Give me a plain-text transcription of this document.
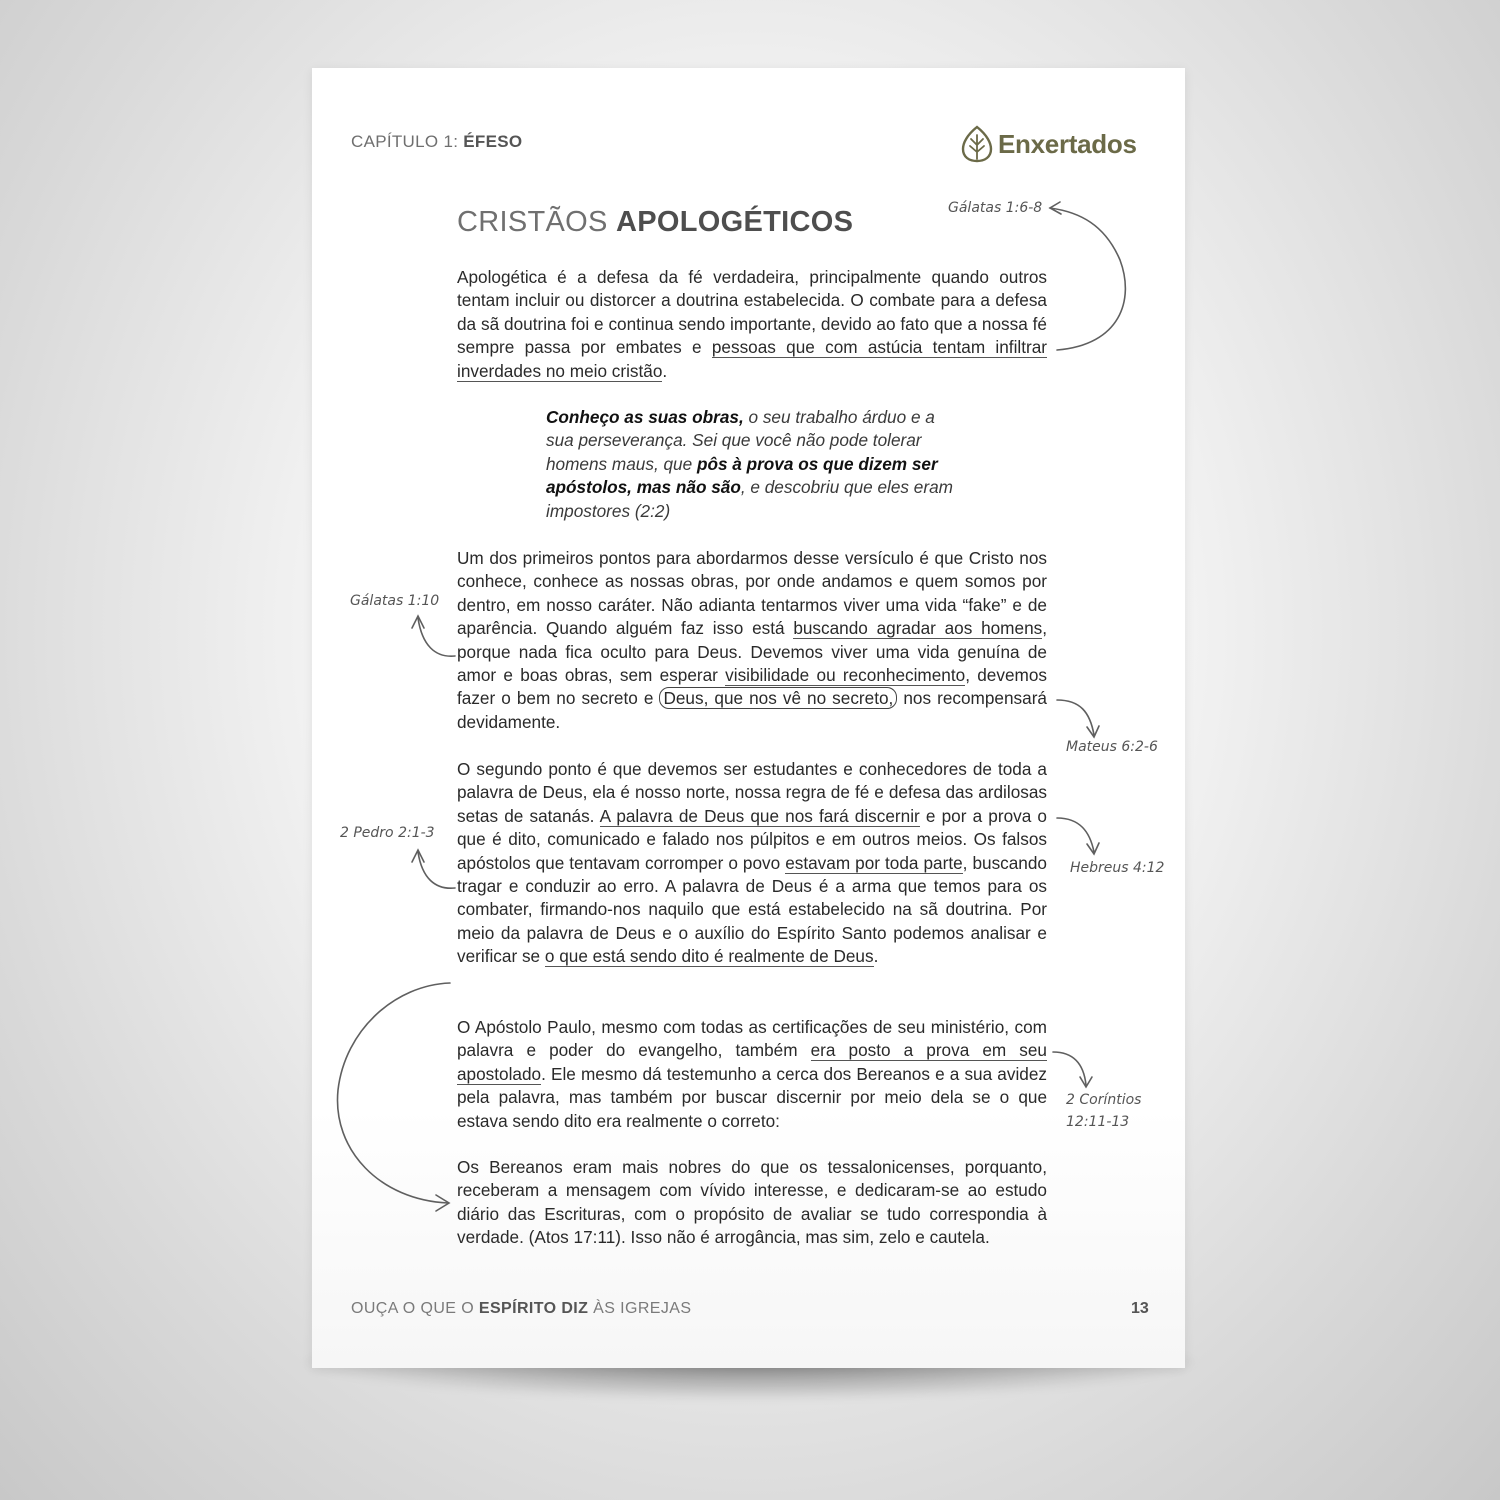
CAPÍTULO 1: ÉFESO	Enxertados
CRISTÃOS APOLOGÉTICOS
Apologética é a defesa da fé verdadeira, principalmente quando outros tentam incluir ou distorcer a doutrina estabelecida. O combate para a defesa da sã doutrina foi e continua sendo importante, devido ao fato que a nossa fé sempre passa por embates e pessoas que com astúcia tentam infiltrar inverdades no meio cristão.
Conheço as suas obras, o seu trabalho árduo e a sua perseverança. Sei que você não pode tolerar homens maus, que pôs à prova os que dizem ser apóstolos, mas não são, e descobriu que eles eram impostores (2:2)
Um dos primeiros pontos para abordarmos desse versículo é que Cristo nos conhece, conhece as nossas obras, por onde andamos e quem somos por dentro, em nosso caráter. Não adianta tentarmos viver uma vida “fake” e de aparência. Quando alguém faz isso está buscando agradar aos homens, porque nada fica oculto para Deus. Devemos viver uma vida genuína de amor e boas obras, sem esperar visibilidade ou reconhecimento, devemos fazer o bem no secreto e Deus, que nos vê no secreto, nos recompensará devidamente.
O segundo ponto é que devemos ser estudantes e conhecedores de toda a palavra de Deus, ela é nosso norte, nossa regra de fé e defesa das ardilosas setas de satanás. A palavra de Deus que nos fará discernir e por a prova o que é dito, comunicado e falado nos púlpitos e em outros meios. Os falsos apóstolos que tentavam corromper o povo estavam por toda parte, buscando tragar e conduzir ao erro. A palavra de Deus é a arma que temos para os combater, firmando-nos naquilo que está estabelecido na sã doutrina. Por meio da palavra de Deus e o auxílio do Espírito Santo podemos analisar e verificar se o que está sendo dito é realmente de Deus.
O Apóstolo Paulo, mesmo com todas as certificações de seu ministério, com palavra e poder do evangelho, também era posto a prova em seu apostolado. Ele mesmo dá testemunho a cerca dos Bereanos e a sua avidez pela palavra, mas também por buscar discernir por meio dela se o que estava sendo dito era realmente o correto:
Os Bereanos eram mais nobres do que os tessalonicenses, porquanto, receberam a mensagem com vívido interesse, e dedicaram-se ao estudo diário das Escrituras, com o propósito de avaliar se tudo correspondia à verdade. (Atos 17:11). Isso não é arrogância, mas sim, zelo e cautela.
Gálatas 1:6-8
Gálatas 1:10
Mateus 6:2-6
2 Pedro 2:1-3
Hebreus 4:12
2 Coríntios
12:11-13
OUÇA O QUE O ESPÍRITO DIZ ÀS IGREJAS	13
